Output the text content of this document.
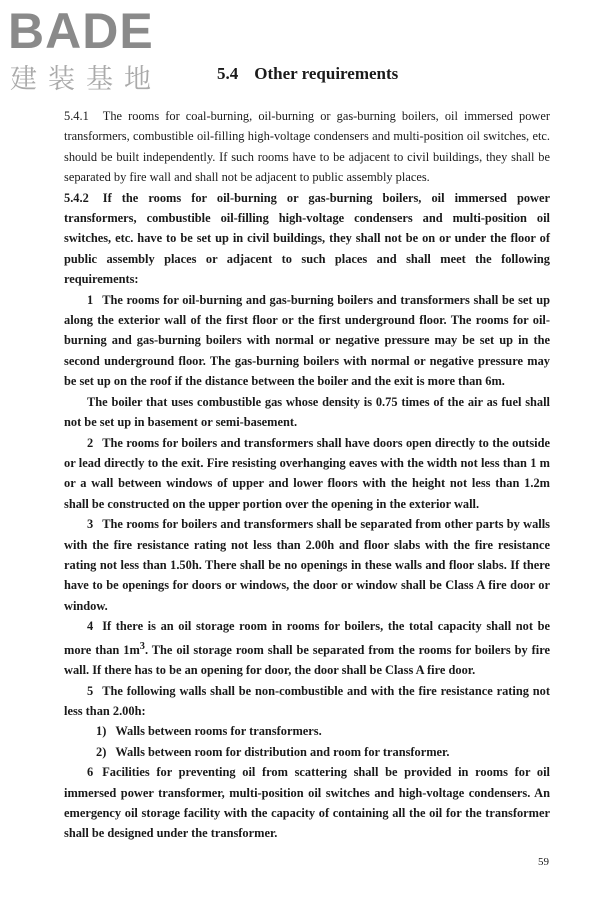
BADE
建装基地	5.4 Other requirements

5.4.1 The rooms for coal-burning, oil-burning or gas-burning boilers, oil immersed power transformers, combustible oil-filling high-voltage condensers and multi-position oil switches, etc. should be built independently. If such rooms have to be adjacent to civil buildings, they shall be separated by fire wall and shall not be adjacent to public assembly places.

5.4.2 If the rooms for oil-burning or gas-burning boilers, oil immersed power transformers, combustible oil-filling high-voltage condensers and multi-position oil switches, etc. have to be set up in civil buildings, they shall not be on or under the floor of public assembly places or adjacent to such places and shall meet the following requirements:

1 The rooms for oil-burning and gas-burning boilers and transformers shall be set up along the exterior wall of the first floor or the first underground floor. The rooms for oil-burning and gas-burning boilers with normal or negative pressure may be set up in the second underground floor. The gas-burning boilers with normal or negative pressure may be set up on the roof if the distance between the boiler and the exit is more than 6m.

The boiler that uses combustible gas whose density is 0.75 times of the air as fuel shall not be set up in basement or semi-basement.

2 The rooms for boilers and transformers shall have doors open directly to the outside or lead directly to the exit. Fire resisting overhanging eaves with the width not less than 1 m or a wall between windows of upper and lower floors with the height not less than 1.2m shall be constructed on the upper portion over the opening in the exterior wall.

3 The rooms for boilers and transformers shall be separated from other parts by walls with the fire resistance rating not less than 2.00h and floor slabs with the fire resistance rating not less than 1.50h. There shall be no openings in these walls and floor slabs. If there have to be openings for doors or windows, the door or window shall be Class A fire door or window.

4 If there is an oil storage room in rooms for boilers, the total capacity shall not be more than $1m^3$. The oil storage room shall be separated from the rooms for boilers by fire wall. If there has to be an opening for door, the door shall be Class A fire door.

5 The following walls shall be non-combustible and with the fire resistance rating not less than 2.00h:

1) Walls between rooms for transformers.

2) Walls between room for distribution and room for transformer.

6 Facilities for preventing oil from scattering shall be provided in rooms for oil immersed power transformer, multi-position oil switches and high-voltage condensers. An emergency oil storage facility with the capacity of containing all the oil for the transformer shall be designed under the transformer.

59
